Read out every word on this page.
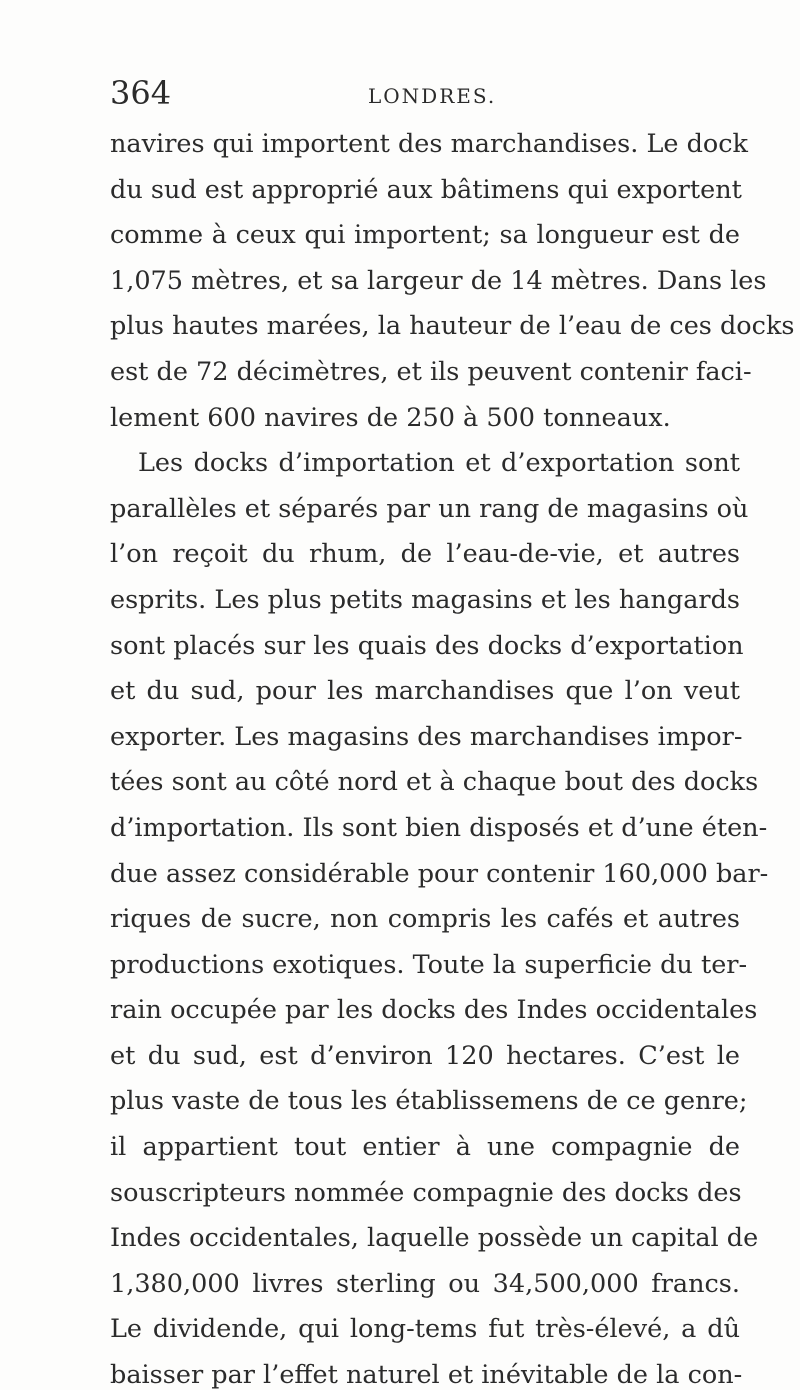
364	LONDRES.
navires qui importent des marchandises. Le dock
du sud est approprié aux bâtimens qui exportent
comme à ceux qui importent; sa longueur est de
1,075 mètres, et sa largeur de 14 mètres. Dans les
plus hautes marées, la hauteur de l’eau de ces docks
est de 72 décimètres, et ils peuvent contenir faci-
lement 600 navires de 250 à 500 tonneaux.
Les docks d’importation et d’exportation sont
parallèles et séparés par un rang de magasins où
l’on reçoit du rhum, de l’eau-de-vie, et autres
esprits. Les plus petits magasins et les hangards
sont placés sur les quais des docks d’exportation
et du sud, pour les marchandises que l’on veut
exporter. Les magasins des marchandises impor-
tées sont au côté nord et à chaque bout des docks
d’importation. Ils sont bien disposés et d’une éten-
due assez considérable pour contenir 160,000 bar-
riques de sucre, non compris les cafés et autres
productions exotiques. Toute la superficie du ter-
rain occupée par les docks des Indes occidentales
et du sud, est d’environ 120 hectares. C’est le
plus vaste de tous les établissemens de ce genre;
il appartient tout entier à une compagnie de
souscripteurs nommée compagnie des docks des
Indes occidentales, laquelle possède un capital de
1,380,000 livres sterling ou 34,500,000 francs.
Le dividende, qui long-tems fut très-élevé, a dû
baisser par l’effet naturel et inévitable de la con-
